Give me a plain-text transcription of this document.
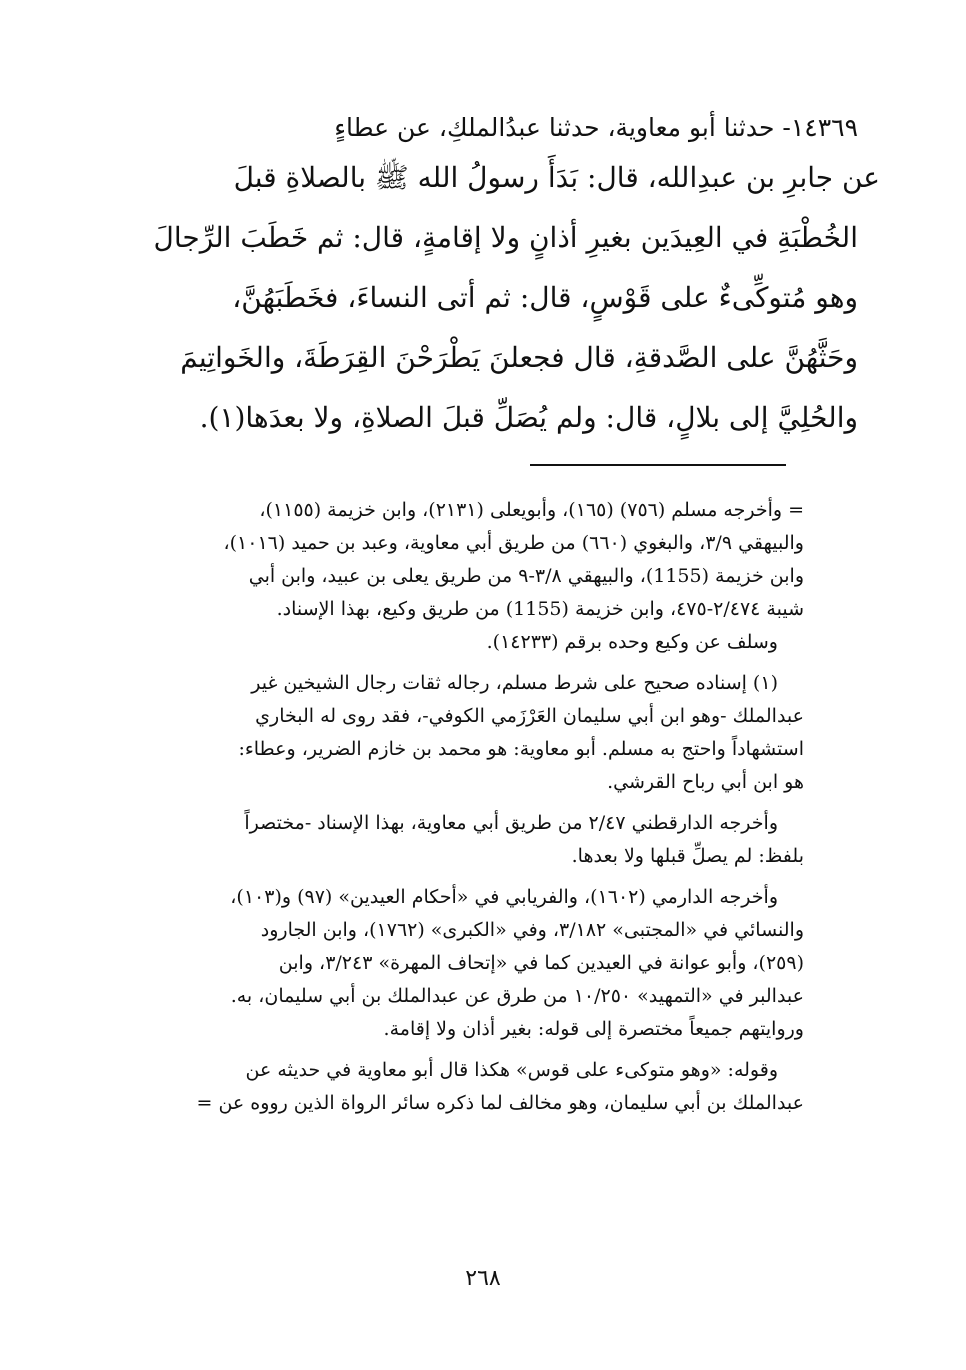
١٤٣٦٩- حدثنا أبو معاوية، حدثنا عبدُالملكِ، عن عطاءٍ
عن جابرِ بن عبدِالله، قال: بَدَأَ رسولُ الله ﷺ بالصلاةِ قبلَ
الخُطْبَةِ في العِيدَين بغيرِ أذانٍ ولا إقامةٍ، قال: ثم خَطَبَ الرِّجالَ
وهو مُتوكِّىءٌ على قَوْسٍ، قال: ثم أتى النساءَ، فخَطَبَهُنَّ،
وحَثَّهُنَّ على الصَّدقةِ، قال فجعلنَ يَطْرَحْنَ القِرَطَةَ، والخَواتِيمَ
والحُلِيَّ إلى بلالٍ، قال: ولم يُصَلِّ قبلَ الصلاةِ، ولا بعدَها(١).
= وأخرجه مسلم (٧٥٦) (١٦٥)، وأبويعلى (٢١٣١)، وابن خزيمة (١١٥٥)،
والبيهقي ٣/٩، والبغوي (٦٦٠) من طريق أبي معاوية، وعبد بن حميد (١٠١٦)،
وابن خزيمة (1155)، والبيهقي ٣/٨-٩ من طريق يعلى بن عبيد، وابن أبي
شيبة ٢/٤٧٤-٤٧٥، وابن خزيمة (1155) من طريق وكيع، بهذا الإسناد.
وسلف عن وكيع وحده برقم (١٤٢٣٣).
(١) إسناده صحيح على شرط مسلم، رجاله ثقات رجال الشيخين غير
عبدالملك -وهو ابن أبي سليمان العَرْزَمي الكوفي-، فقد روى له البخاري
استشهاداً واحتج به مسلم. أبو معاوية: هو محمد بن خازم الضرير، وعطاء:
هو ابن أبي رباح القرشي.
وأخرجه الدارقطني ٢/٤٧ من طريق أبي معاوية، بهذا الإسناد -مختصراً
بلفظ: لم يصلِّ قبلها ولا بعدها.
وأخرجه الدارمي (١٦٠٢)، والفريابي في «أحكام العيدين» (٩٧) و(١٠٣)،
والنسائي في «المجتبى» ٣/١٨٢، وفي «الكبرى» (١٧٦٢)، وابن الجارود
(٢٥٩)، وأبو عوانة في العيدين كما في «إتحاف المهرة» ٣/٢٤٣، وابن
عبدالبر في «التمهيد» ١٠/٢٥٠ من طرق عن عبدالملك بن أبي سليمان، به.
وروايتهم جميعاً مختصرة إلى قوله: بغير أذان ولا إقامة.
وقوله: «وهو متوكىء على قوس» هكذا قال أبو معاوية في حديثه عن
عبدالملك بن أبي سليمان، وهو مخالف لما ذكره سائر الرواة الذين رووه عن =
٢٦٨
